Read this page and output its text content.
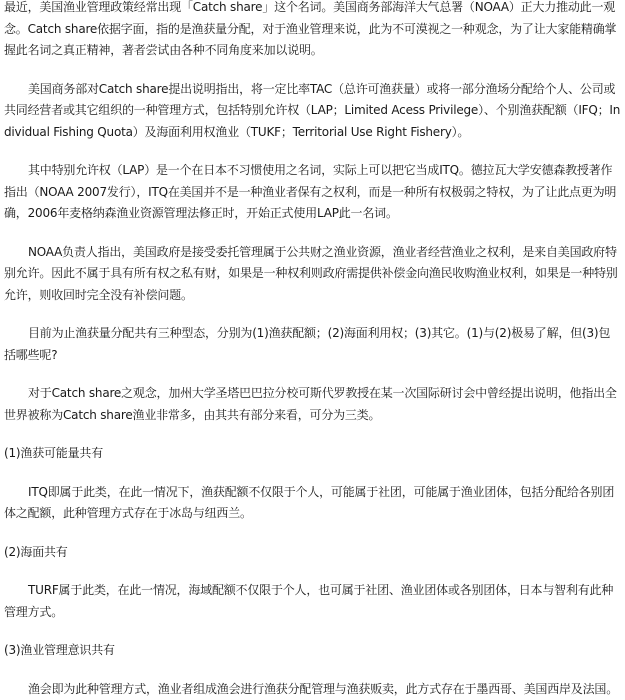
最近，美国渔业管理政策经常出现「Catch share」这个名词。美国商务部海洋大气总署（NOAA）正大力推动此一观念。Catch share依据字面，指的是渔获量分配，对于渔业管理来说，此为不可漠视之一种观念，为了让大家能精确掌握此名词之真正精神，著者尝试由各种不同角度来加以说明。

美国商务部对Catch share提出说明指出，将一定比率TAC（总许可渔获量）或将一部分渔场分配给个人、公司或共同经营者或其它组织的一种管理方式，包括特别允许权（LAP；Limited Acess Privilege）、个别渔获配额（IFQ；Individual Fishing Quota）及海面利用权渔业（TUKF；Territorial Use Right Fishery）。

其中特别允许权（LAP）是一个在日本不习惯使用之名词，实际上可以把它当成ITQ。德拉瓦大学安德森教授著作指出（NOAA 2007发行），ITQ在美国并不是一种渔业者保有之权利，而是一种所有权极弱之特权，为了让此点更为明确，2006年麦格纳森渔业资源管理法修正时，开始正式使用LAP此一名词。

NOAA负责人指出，美国政府是接受委托管理属于公共财之渔业资源，渔业者经营渔业之权利，是来自美国政府特别允许。因此不属于具有所有权之私有财，如果是一种权利则政府需提供补偿金向渔民收购渔业权利，如果是一种特别允许，则收回时完全没有补偿问题。

目前为止渔获量分配共有三种型态，分别为(1)渔获配额；(2)海面利用权；(3)其它。(1)与(2)极易了解，但(3)包括哪些呢?

对于Catch share之观念，加州大学圣塔巴巴拉分校可斯代罗教授在某一次国际研讨会中曾经提出说明，他指出全世界被称为Catch share渔业非常多，由其共有部分来看，可分为三类。

(1)渔获可能量共有

ITQ即属于此类，在此一情况下，渔获配额不仅限于个人，可能属于社团，可能属于渔业团体，包括分配给各别团体之配额，此种管理方式存在于冰岛与纽西兰。

(2)海面共有

TURF属于此类，在此一情况，海域配额不仅限于个人，也可属于社团、渔业团体或各别团体，日本与智利有此种管理方式。

(3)渔业管理意识共有

渔会即为此种管理方式，渔业者组成渔会进行渔获分配管理与渔获贩卖，此方式存在于墨西哥、美国西岸及法国。
